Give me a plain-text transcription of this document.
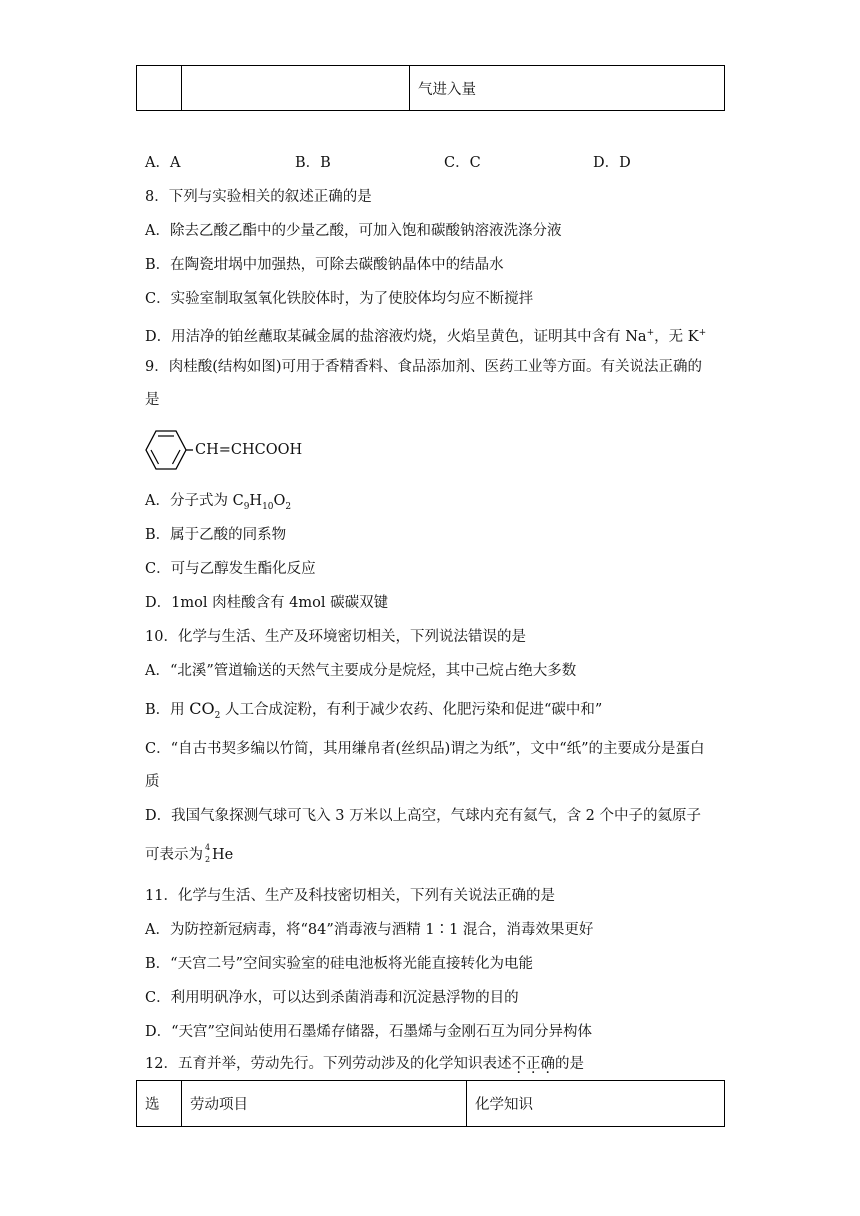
		气进入量
A．A	B．B	C．C	D．D
8．下列与实验相关的叙述正确的是
A．除去乙酸乙酯中的少量乙酸，可加入饱和碳酸钠溶液洗涤分液
B．在陶瓷坩埚中加强热，可除去碳酸钠晶体中的结晶水
C．实验室制取氢氧化铁胶体时，为了使胶体均匀应不断搅拌
D．用洁净的铂丝蘸取某碱金属的盐溶液灼烧，火焰呈黄色，证明其中含有 Na+，无 K+
9．肉桂酸(结构如图)可用于香精香料、食品添加剂、医药工业等方面。有关说法正确的
是
CH=CHCOOH
A．分子式为 $C_9H_{10}O_2$
B．属于乙酸的同系物
C．可与乙醇发生酯化反应
D．1mol 肉桂酸含有 4mol 碳碳双键
10．化学与生活、生产及环境密切相关，下列说法错误的是
A．“北溪”管道输送的天然气主要成分是烷烃，其中己烷占绝大多数
B．用 $CO_2$ 人工合成淀粉，有利于减少农药、化肥污染和促进“碳中和”
C．“自古书契多编以竹简，其用缣帛者(丝织品)谓之为纸”，文中“纸”的主要成分是蛋白
质
D．我国气象探测气球可飞入 3 万米以上高空，气球内充有氦气，含 2 个中子的氦原子
可表示为 4
2 He
11．化学与生活、生产及科技密切相关，下列有关说法正确的是
A．为防控新冠病毒，将“84”消毒液与酒精 1∶1 混合，消毒效果更好
B．“天宫二号”空间实验室的硅电池板将光能直接转化为电能
C．利用明矾净水，可以达到杀菌消毒和沉淀悬浮物的目的
D．“天宫”空间站使用石墨烯存储器，石墨烯与金刚石互为同分异构体
12．五育并举，劳动先行。下列劳动涉及的化学知识表述不正确的是
选	劳动项目	化学知识
